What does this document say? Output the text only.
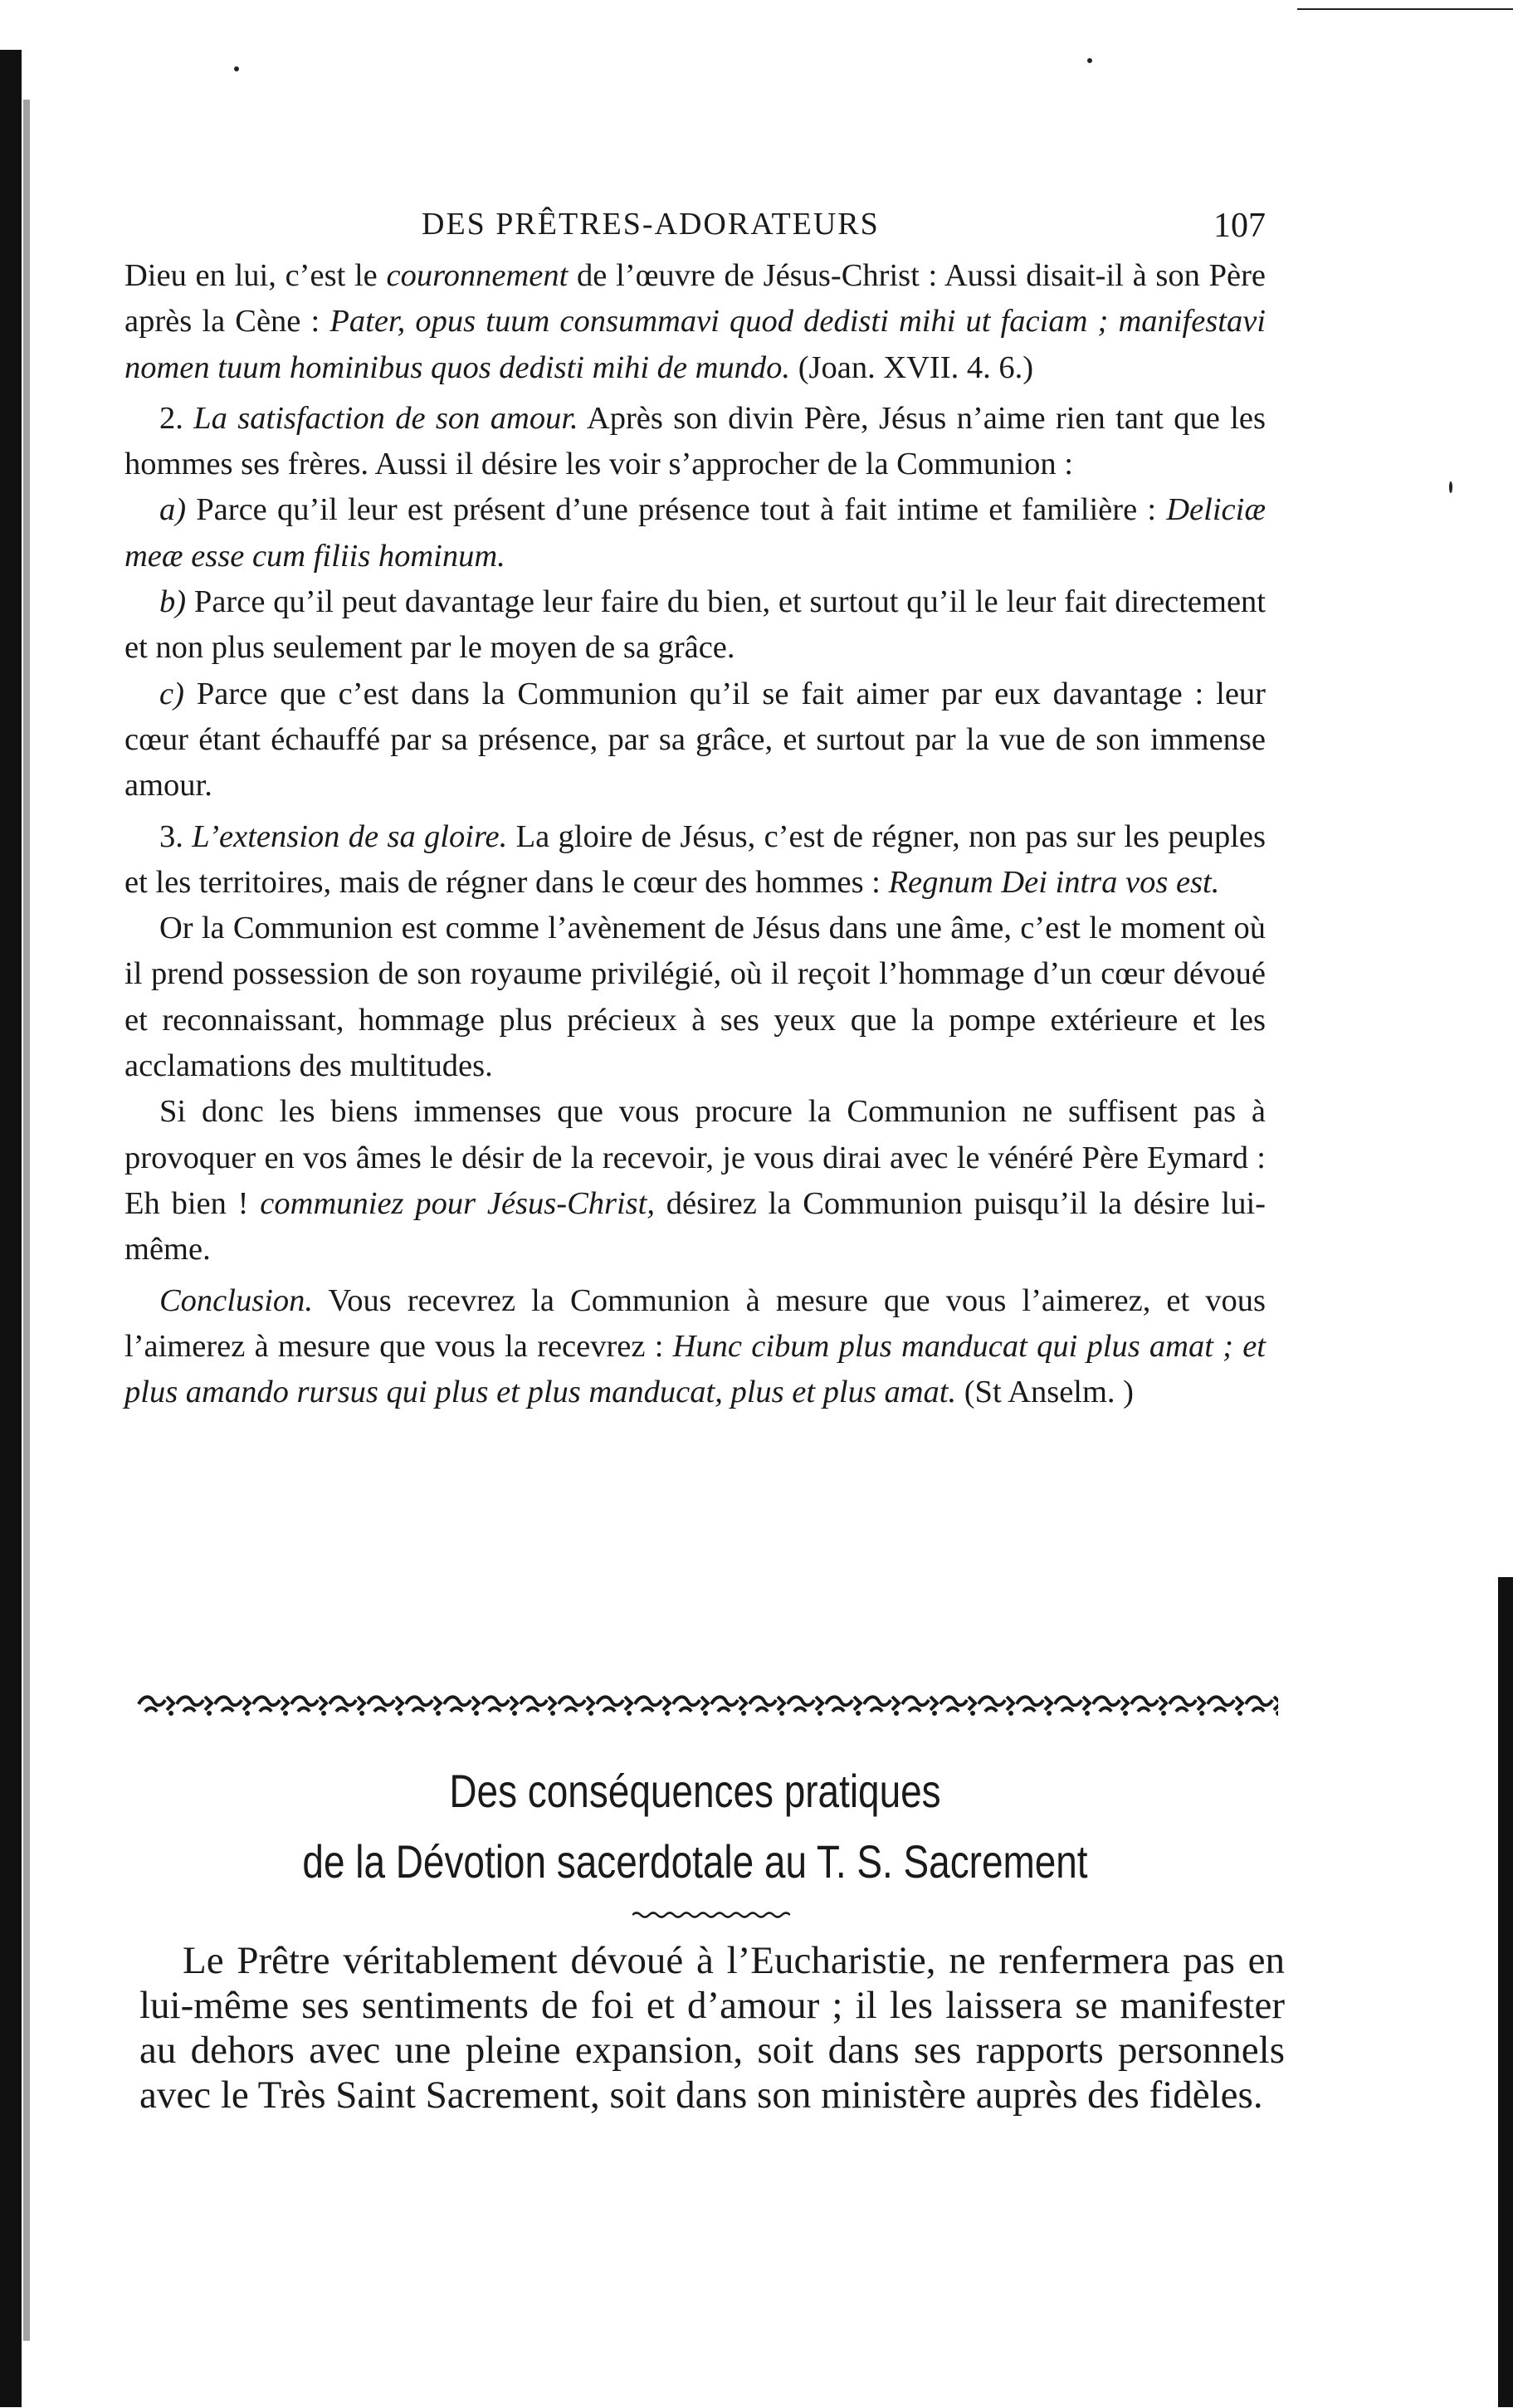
DES PRÊTRES-ADORATEURS	107

Dieu en lui, c’est le couronnement de l’œuvre de Jésus-Christ : Aussi disait-il à son Père après la Cène : Pater, opus tuum consummavi quod dedisti mihi ut faciam ; manifestavi nomen tuum hominibus quos dedisti mihi de mundo. (Joan. XVII. 4. 6.)

2. La satisfaction de son amour. Après son divin Père, Jésus n’aime rien tant que les hommes ses frères. Aussi il désire les voir s’approcher de la Communion :

a) Parce qu’il leur est présent d’une présence tout à fait intime et familière : Deliciæ meæ esse cum filiis hominum.

b) Parce qu’il peut davantage leur faire du bien, et surtout qu’il le leur fait directement et non plus seulement par le moyen de sa grâce.

c) Parce que c’est dans la Communion qu’il se fait aimer par eux davantage : leur cœur étant échauffé par sa présence, par sa grâce, et surtout par la vue de son immense amour.

3. L’extension de sa gloire. La gloire de Jésus, c’est de régner, non pas sur les peuples et les territoires, mais de régner dans le cœur des hommes : Regnum Dei intra vos est.

Or la Communion est comme l’avènement de Jésus dans une âme, c’est le moment où il prend possession de son royaume privilégié, où il reçoit l’hommage d’un cœur dévoué et reconnaissant, hommage plus précieux à ses yeux que la pompe extérieure et les acclamations des multitudes.

Si donc les biens immenses que vous procure la Communion ne suffisent pas à provoquer en vos âmes le désir de la recevoir, je vous dirai avec le vénéré Père Eymard : Eh bien ! communiez pour Jésus-Christ, désirez la Communion puisqu’il la désire lui-même.

Conclusion. Vous recevrez la Communion à mesure que vous l’aimerez, et vous l’aimerez à mesure que vous la recevrez : Hunc cibum plus manducat qui plus amat ; et plus amando rursus qui plus et plus manducat, plus et plus amat. (St Anselm. )

Des conséquences pratiques
de la Dévotion sacerdotale au T. S. Sacrement

Le Prêtre véritablement dévoué à l’Eucharistie, ne renfermera pas en lui-même ses sentiments de foi et d’amour ; il les laissera se manifester au dehors avec une pleine expansion, soit dans ses rapports personnels avec le Très Saint Sacrement, soit dans son ministère auprès des fidèles.
